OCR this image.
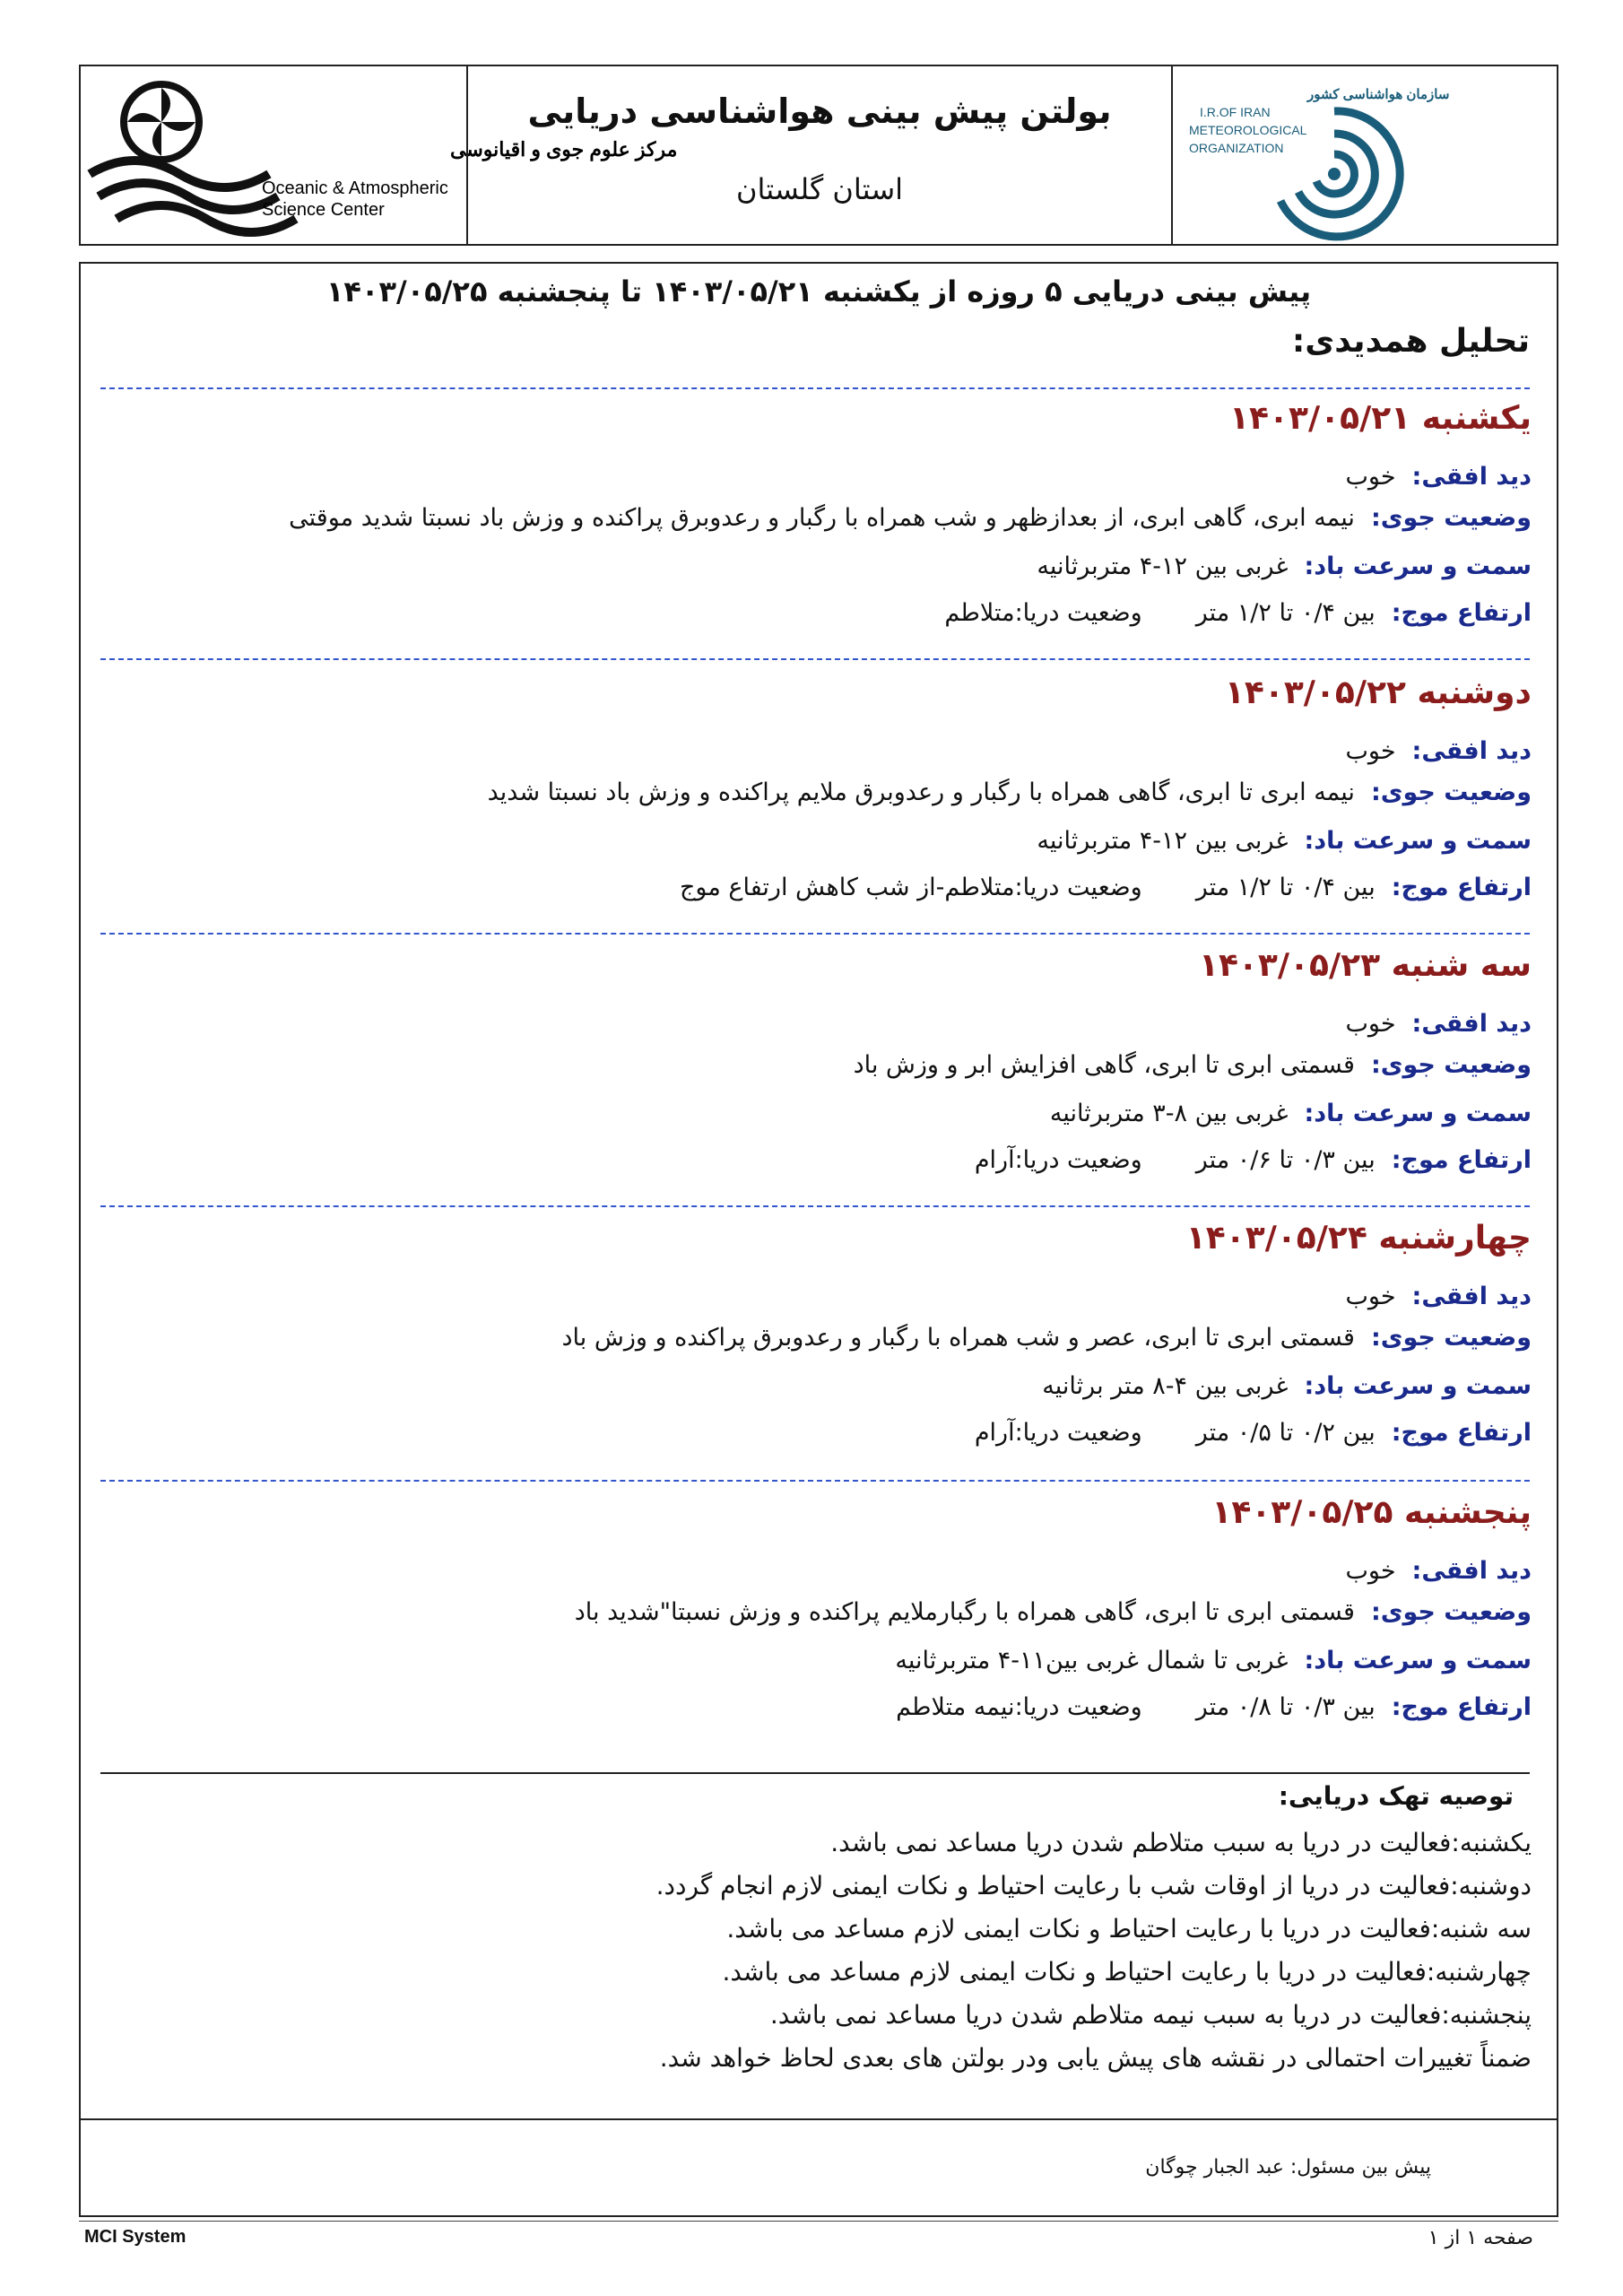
مرکز علوم جوی و اقیانوسی
Oceanic & Atmospheric
Science Center
بولتن پیش بینی هواشناسی دریایی
استان گلستان
سازمان هواشناسی کشور
I.R.OF IRAN
METEOROLOGICAL
ORGANIZATION
پیش بینی دریایی ۵ روزه از یکشنبه ۱۴۰۳/۰۵/۲۱ تا پنجشنبه ۱۴۰۳/۰۵/۲۵
تحلیل همدیدی:
یکشنبه ۱۴۰۳/۰۵/۲۱
دید افقی:خوب
وضعیت جوی:نیمه ابری، گاهی ابری، از بعدازظهر و شب همراه با رگبار و رعدوبرق پراکنده و وزش باد نسبتا شدید موقتی
سمت و سرعت باد:غربی بین ۱۲-۴ متربرثانیه
ارتفاع موج:بین ۰/۴ تا ۱/۲ متروضعیت دریا:متلاطم
دوشنبه ۱۴۰۳/۰۵/۲۲
دید افقی:خوب
وضعیت جوی:نیمه ابری تا ابری، گاهی همراه با رگبار و رعدوبرق ملایم پراکنده و وزش باد نسبتا شدید
سمت و سرعت باد:غربی بین ۱۲-۴ متربرثانیه
ارتفاع موج:بین ۰/۴ تا ۱/۲ متروضعیت دریا:متلاطم-از شب کاهش ارتفاع موج
سه شنبه ۱۴۰۳/۰۵/۲۳
دید افقی:خوب
وضعیت جوی:قسمتی ابری تا ابری، گاهی افزایش ابر و وزش باد
سمت و سرعت باد:غربی بین ۸-۳ متربرثانیه
ارتفاع موج:بین ۰/۳ تا ۰/۶ متروضعیت دریا:آرام
چهارشنبه ۱۴۰۳/۰۵/۲۴
دید افقی:خوب
وضعیت جوی:قسمتی ابری تا ابری، عصر و شب همراه با رگبار و رعدوبرق پراکنده و وزش باد
سمت و سرعت باد:غربی بین ۴-۸ متر برثانیه
ارتفاع موج:بین ۰/۲ تا ۰/۵ متروضعیت دریا:آرام
پنجشنبه ۱۴۰۳/۰۵/۲۵
دید افقی:خوب
وضعیت جوی:قسمتی ابری تا ابری، گاهی همراه با رگبارملایم پراکنده و وزش نسبتا"شدید باد
سمت و سرعت باد:غربی تا شمال غربی بین۱۱-۴ متربرثانیه
ارتفاع موج:بین ۰/۳ تا ۰/۸ متروضعیت دریا:نیمه متلاطم
توصیه تهک دریایی:
یکشنبه:فعالیت در دریا به سبب متلاطم شدن دریا مساعد نمی باشد.
دوشنبه:فعالیت در دریا از اوقات شب با رعایت احتیاط و نکات ایمنی لازم انجام گردد.
سه شنبه:فعالیت در دریا با رعایت احتیاط و نکات ایمنی لازم مساعد می باشد.
چهارشنبه:فعالیت در دریا با رعایت احتیاط و نکات ایمنی لازم مساعد می باشد.
پنجشنبه:فعالیت در دریا به سبب نیمه متلاطم شدن دریا مساعد نمی باشد.
ضمناً تغییرات احتمالی در نقشه های پیش یابی ودر بولتن های بعدی لحاظ خواهد شد.
پیش بین مسئول: عبد الجبار چوگان
MCI System	صفحه ۱ از ۱
